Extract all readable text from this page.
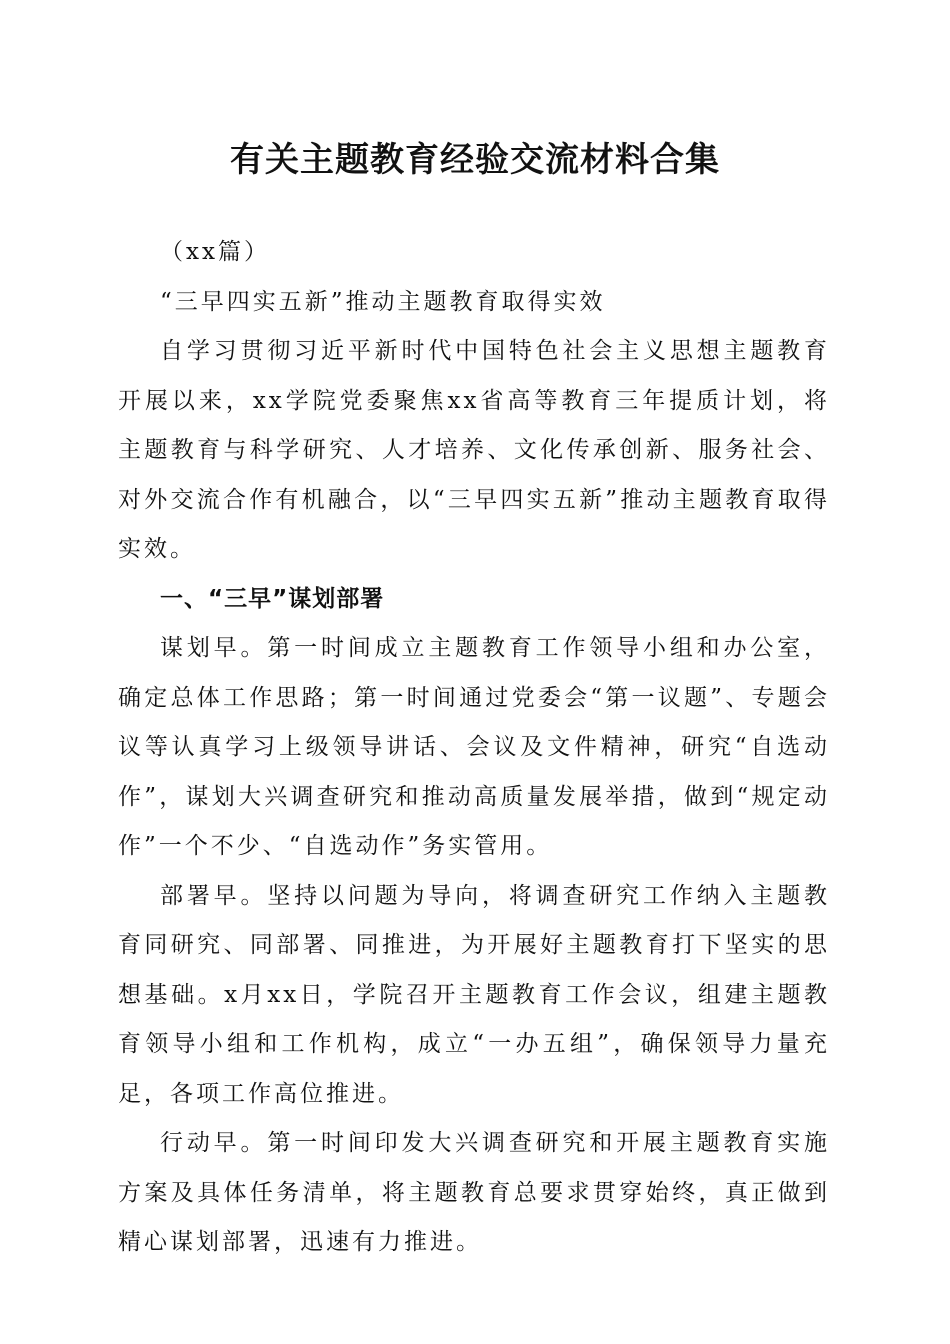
有关主题教育经验交流材料合集

（xx篇）

“三早四实五新”推动主题教育取得实效

自学习贯彻习近平新时代中国特色社会主义思想主题教育开展以来，xx学院党委聚焦xx省高等教育三年提质计划，将主题教育与科学研究、人才培养、文化传承创新、服务社会、对外交流合作有机融合，以“三早四实五新”推动主题教育取得实效。

一、“三早”谋划部署

谋划早。第一时间成立主题教育工作领导小组和办公室，确定总体工作思路；第一时间通过党委会“第一议题”、专题会议等认真学习上级领导讲话、会议及文件精神，研究“自选动作”，谋划大兴调查研究和推动高质量发展举措，做到“规定动作”一个不少、“自选动作”务实管用。

部署早。坚持以问题为导向，将调查研究工作纳入主题教育同研究、同部署、同推进，为开展好主题教育打下坚实的思想基础。x月xx日，学院召开主题教育工作会议，组建主题教育领导小组和工作机构，成立“一办五组”，确保领导力量充足，各项工作高位推进。

行动早。第一时间印发大兴调查研究和开展主题教育实施方案及具体任务清单，将主题教育总要求贯穿始终，真正做到精心谋划部署，迅速有力推进。
